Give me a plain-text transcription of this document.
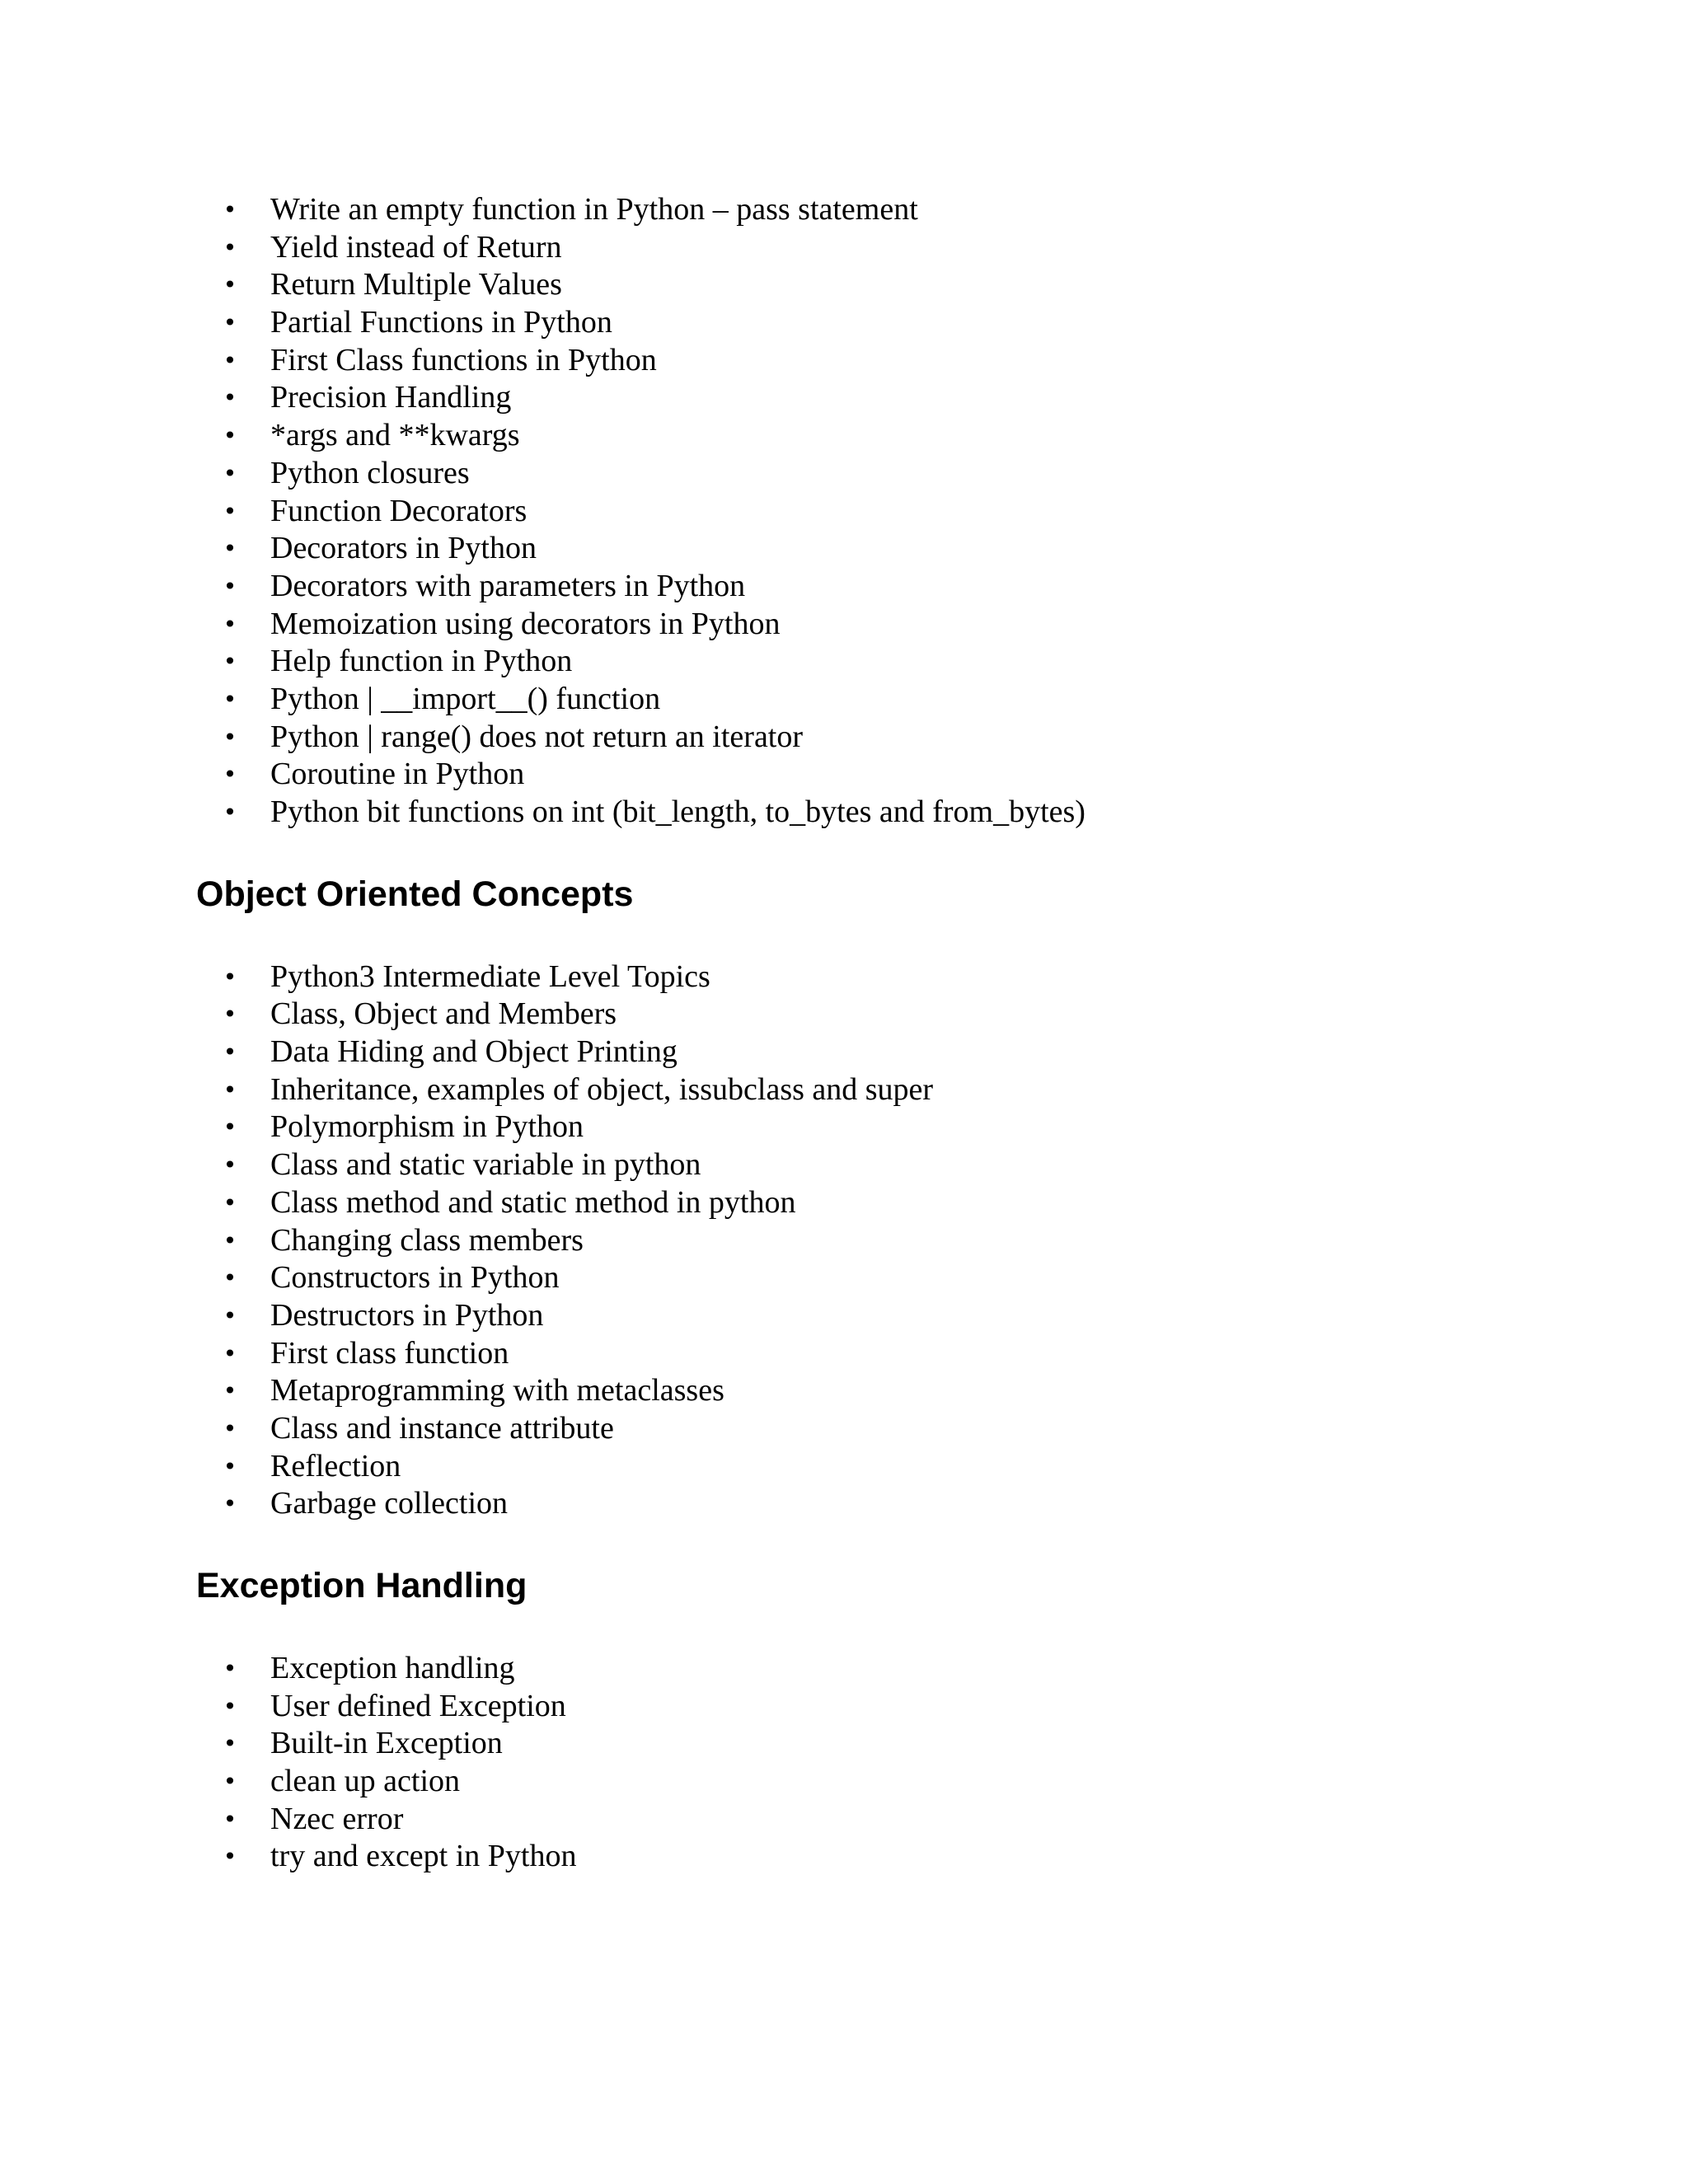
• Write an empty function in Python – pass statement
• Yield instead of Return
• Return Multiple Values
• Partial Functions in Python
• First Class functions in Python
• Precision Handling
• *args and **kwargs
• Python closures
• Function Decorators
• Decorators in Python
• Decorators with parameters in Python
• Memoization using decorators in Python
• Help function in Python
• Python | __import__() function
• Python | range() does not return an iterator
• Coroutine in Python
• Python bit functions on int (bit_length, to_bytes and from_bytes)
Object Oriented Concepts
• Python3 Intermediate Level Topics
• Class, Object and Members
• Data Hiding and Object Printing
• Inheritance, examples of object, issubclass and super
• Polymorphism in Python
• Class and static variable in python
• Class method and static method in python
• Changing class members
• Constructors in Python
• Destructors in Python
• First class function
• Metaprogramming with metaclasses
• Class and instance attribute
• Reflection
• Garbage collection
Exception Handling
• Exception handling
• User defined Exception
• Built-in Exception
• clean up action
• Nzec error
• try and except in Python
